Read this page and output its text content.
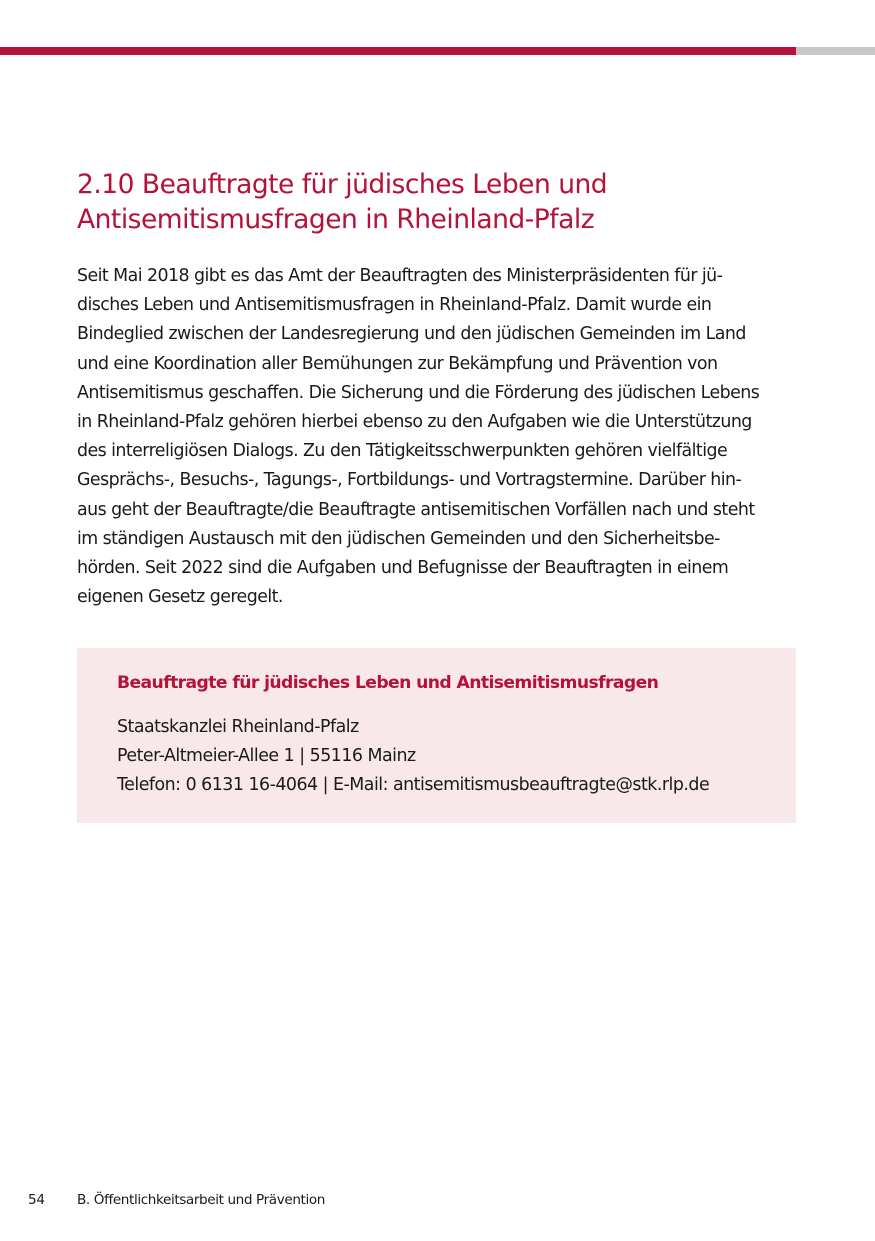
2.10 Beauftragte für jüdisches Leben und
Antisemitismusfragen in Rheinland-Pfalz

Seit Mai 2018 gibt es das Amt der Beauftragten des Ministerpräsidenten für jü-
disches Leben und Antisemitismusfragen in Rheinland-Pfalz. Damit wurde ein
Bindeglied zwischen der Landesregierung und den jüdischen Gemeinden im Land
und eine Koordination aller Bemühungen zur Bekämpfung und Prävention von
Antisemitismus geschaffen. Die Sicherung und die Förderung des jüdischen Lebens
in Rheinland-Pfalz gehören hierbei ebenso zu den Aufgaben wie die Unterstützung
des interreligiösen Dialogs. Zu den Tätigkeitsschwerpunkten gehören vielfältige
Gesprächs-, Besuchs-, Tagungs-, Fortbildungs- und Vortragstermine. Darüber hin-
aus geht der Beauftragte/die Beauftragte antisemitischen Vorfällen nach und steht
im ständigen Austausch mit den jüdischen Gemeinden und den Sicherheitsbe-
hörden. Seit 2022 sind die Aufgaben und Befugnisse der Beauftragten in einem
eigenen Gesetz geregelt.

Beauftragte für jüdisches Leben und Antisemitismusfragen

Staatskanzlei Rheinland-Pfalz
Peter-Altmeier-Allee 1 | 55116 Mainz
Telefon: 0 6131 16-4064 | E-Mail: antisemitismusbeauftragte@stk.rlp.de

54 B. Öffentlichkeitsarbeit und Prävention
